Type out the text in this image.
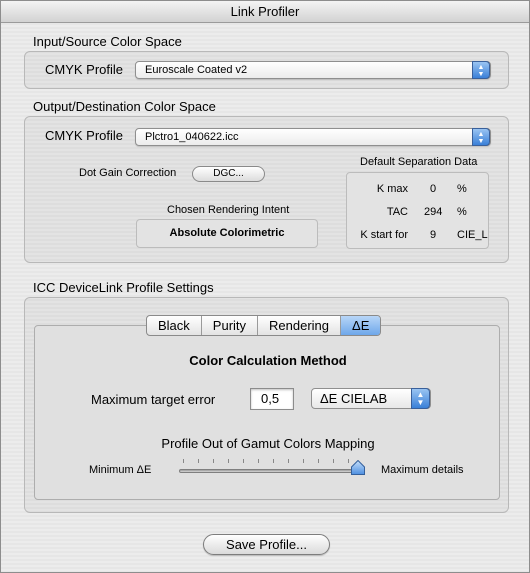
Link Profiler
Input/Source Color Space
CMYK Profile	Euroscale Coated v2	▲
▼
Output/Destination Color Space
CMYK Profile	Plctro1_040622.icc	▲
▼
Dot Gain Correction	DGC...
Chosen Rendering Intent
Absolute Colorimetric
Default Separation Data
K max 0 %
TAC 294 %
K start for 9 CIE_L
ICC DeviceLink Profile Settings
Color Calculation Method
Maximum target error	0,5	ΔE CIELAB	▲
▼
Profile Out of Gamut Colors Mapping
Minimum ΔE	Maximum details
Black	Purity	Rendering	ΔE
Save Profile...
